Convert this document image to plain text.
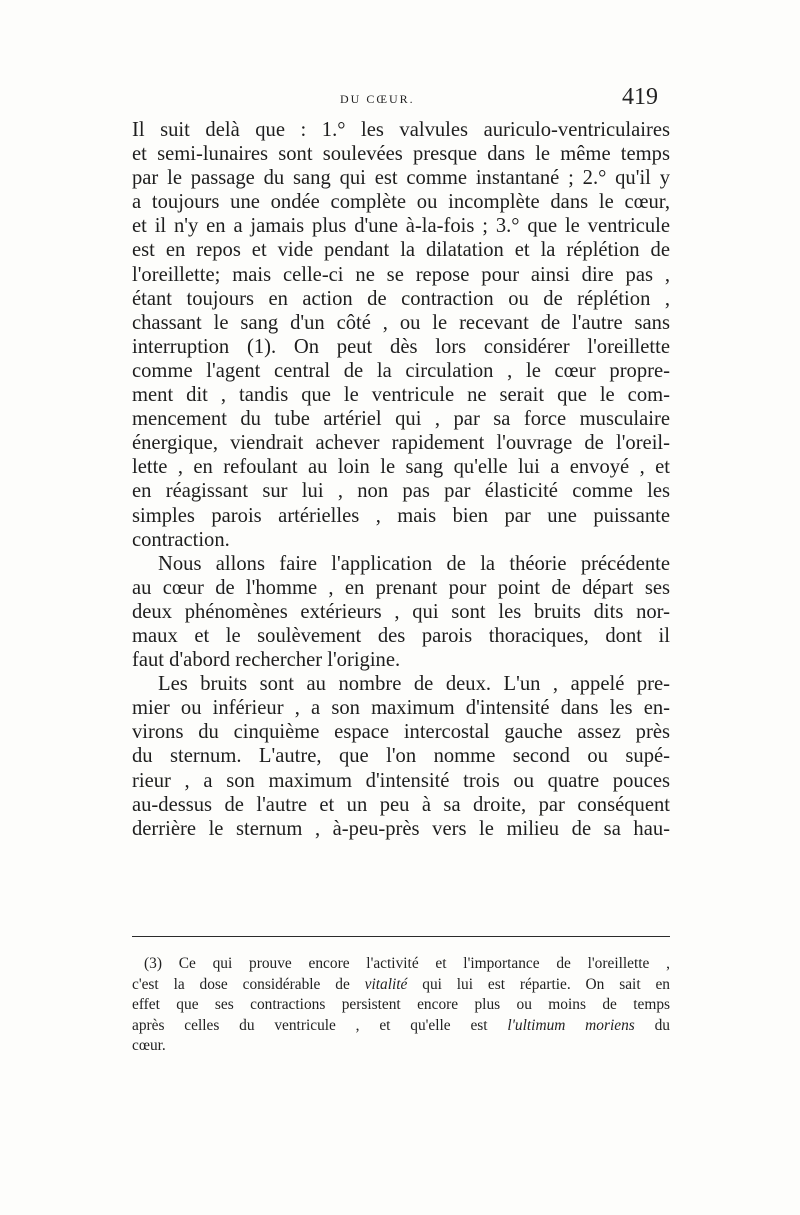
DU CŒUR.	419
Il suit delà que : 1.° les valvules auriculo-ventriculaires
et semi-lunaires sont soulevées presque dans le même temps
par le passage du sang qui est comme instantané ; 2.° qu'il y
a toujours une ondée complète ou incomplète dans le cœur,
et il n'y en a jamais plus d'une à-la-fois ; 3.° que le ventricule
est en repos et vide pendant la dilatation et la réplétion de
l'oreillette; mais celle-ci ne se repose pour ainsi dire pas ,
étant toujours en action de contraction ou de réplétion ,
chassant le sang d'un côté , ou le recevant de l'autre sans
interruption (1). On peut dès lors considérer l'oreillette
comme l'agent central de la circulation , le cœur propre-
ment dit , tandis que le ventricule ne serait que le com-
mencement du tube artériel qui , par sa force musculaire
énergique, viendrait achever rapidement l'ouvrage de l'oreil-
lette , en refoulant au loin le sang qu'elle lui a envoyé , et
en réagissant sur lui , non pas par élasticité comme les
simples parois artérielles , mais bien par une puissante
contraction.
Nous allons faire l'application de la théorie précédente
au cœur de l'homme , en prenant pour point de départ ses
deux phénomènes extérieurs , qui sont les bruits dits nor-
maux et le soulèvement des parois thoraciques, dont il
faut d'abord rechercher l'origine.
Les bruits sont au nombre de deux. L'un , appelé pre-
mier ou inférieur , a son maximum d'intensité dans les en-
virons du cinquième espace intercostal gauche assez près
du sternum. L'autre, que l'on nomme second ou supé-
rieur , a son maximum d'intensité trois ou quatre pouces
au-dessus de l'autre et un peu à sa droite, par conséquent
derrière le sternum , à-peu-près vers le milieu de sa hau-
(3) Ce qui prouve encore l'activité et l'importance de l'oreillette ,
c'est la dose considérable de vitalité qui lui est répartie. On sait en
effet que ses contractions persistent encore plus ou moins de temps
après celles du ventricule , et qu'elle est l'ultimum moriens du
cœur.
